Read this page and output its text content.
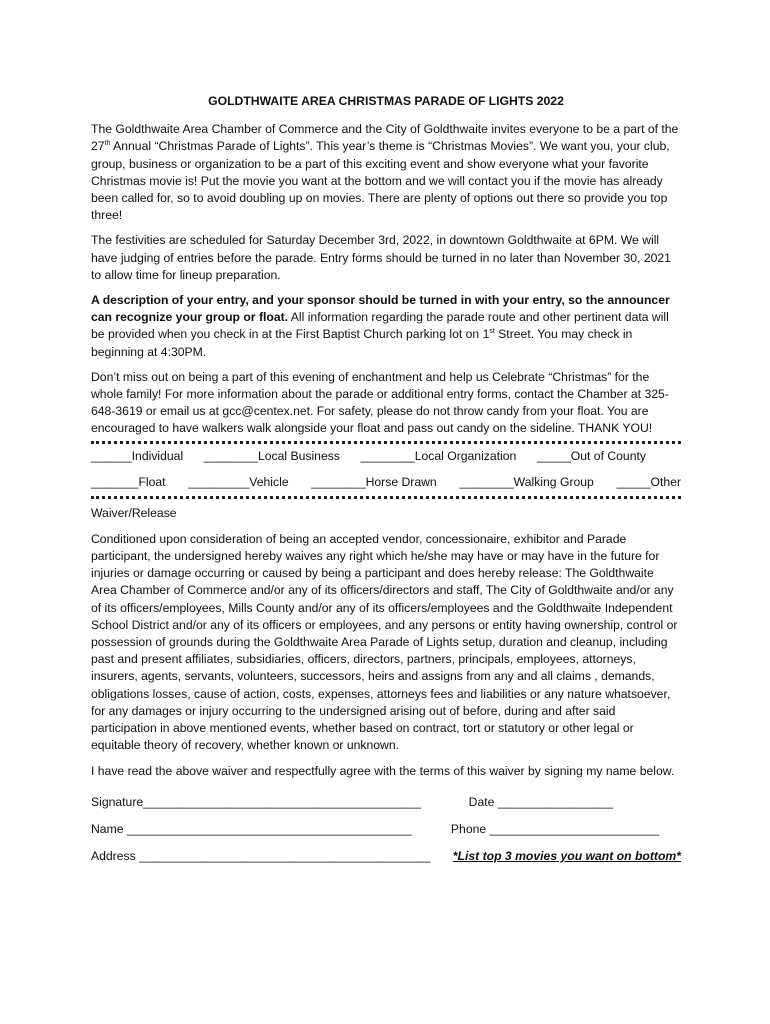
GOLDTHWAITE AREA CHRISTMAS PARADE OF LIGHTS 2022

The Goldthwaite Area Chamber of Commerce and the City of Goldthwaite invites everyone to be a part of the 27th Annual “Christmas Parade of Lights”. This year’s theme is “Christmas Movies”. We want you, your club, group, business or organization to be a part of this exciting event and show everyone what your favorite Christmas movie is! Put the movie you want at the bottom and we will contact you if the movie has already been called for, so to avoid doubling up on movies. There are plenty of options out there so provide you top three!

The festivities are scheduled for Saturday December 3rd, 2022, in downtown Goldthwaite at 6PM. We will have judging of entries before the parade. Entry forms should be turned in no later than November 30, 2021 to allow time for lineup preparation.

A description of your entry, and your sponsor should be turned in with your entry, so the announcer can recognize your group or float. All information regarding the parade route and other pertinent data will be provided when you check in at the First Baptist Church parking lot on 1st Street. You may check in beginning at 4:30PM.

Don’t miss out on being a part of this evening of enchantment and help us Celebrate “Christmas” for the whole family! For more information about the parade or additional entry forms, contact the Chamber at 325-648-3619 or email us at gcc@centex.net. For safety, please do not throw candy from your float. You are encouraged to have walkers walk alongside your float and pass out candy on the sideline. THANK YOU!

______Individual ________Local Business ________Local Organization _____Out of County
_______Float _________Vehicle ________Horse Drawn ________Walking Group _____Other
Waiver/Release

Conditioned upon consideration of being an accepted vendor, concessionaire, exhibitor and Parade participant, the undersigned hereby waives any right which he/she may have or may have in the future for injuries or damage occurring or caused by being a participant and does hereby release: The Goldthwaite Area Chamber of Commerce and/or any of its officers/directors and staff, The City of Goldthwaite and/or any of its officers/employees, Mills County and/or any of its officers/employees and the Goldthwaite Independent School District and/or any of its officers or employees, and any persons or entity having ownership, control or possession of grounds during the Goldthwaite Area Parade of Lights setup, duration and cleanup, including past and present affiliates, subsidiaries, officers, directors, partners, principals, employees, attorneys, insurers, agents, servants, volunteers, successors, heirs and assigns from any and all claims , demands, obligations losses, cause of action, costs, expenses, attorneys fees and liabilities or any nature whatsoever, for any damages or injury occurring to the undersigned arising out of before, during and after said participation in above mentioned events, whether based on contract, tort or statutory or other legal or equitable theory of recovery, whether known or unknown.

I have read the above waiver and respectfully agree with the terms of this waiver by signing my name below.

Signature_________________________________________	Date _________________
Name __________________________________________	Phone _________________________
Address ___________________________________________ *List top 3 movies you want on bottom*
